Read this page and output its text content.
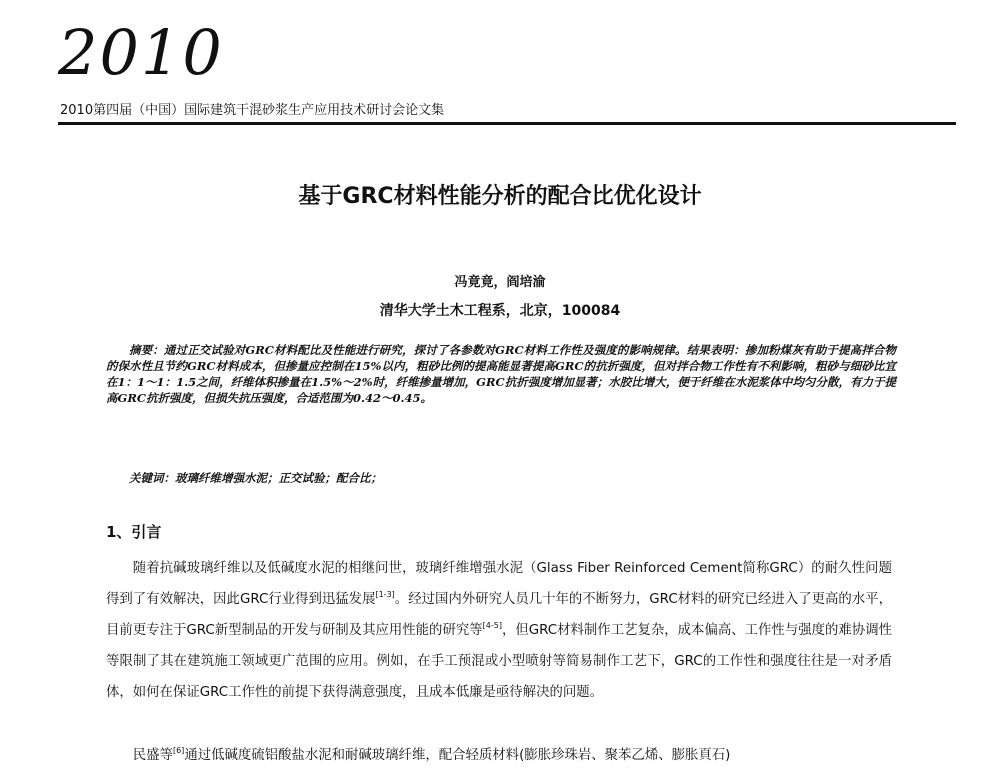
2010
2010第四届（中国）国际建筑干混砂浆生产应用技术研讨会论文集
基于GRC材料性能分析的配合比优化设计
冯竟竟，阎培渝
清华大学土木工程系，北京，100084
摘要：通过正交试验对GRC材料配比及性能进行研究，探讨了各参数对GRC材料工作性及强度的影响规律。结果表明：掺加粉煤灰有助于提高拌合物的保水性且节约GRC材料成本，但掺量应控制在15%以内，粗砂比例的提高能显著提高GRC的抗折强度，但对拌合物工作性有不利影响，粗砂与细砂比宜在1：1～1：1.5之间，纤维体积掺量在1.5%～2%时，纤维掺量增加，GRC抗折强度增加显著；水胶比增大，便于纤维在水泥浆体中均匀分散，有力于提高GRC抗折强度，但损失抗压强度，合适范围为0.42～0.45。
关键词：玻璃纤维增强水泥；正交试验；配合比；
1、引言
随着抗碱玻璃纤维以及低碱度水泥的相继问世，玻璃纤维增强水泥（Glass Fiber Reinforced Cement简称GRC）的耐久性问题得到了有效解决，因此GRC行业得到迅猛发展[1-3]。经过国内外研究人员几十年的不断努力，GRC材料的研究已经进入了更高的水平，目前更专注于GRC新型制品的开发与研制及其应用性能的研究等[4-5]，但GRC材料制作工艺复杂，成本偏高、工作性与强度的难协调性等限制了其在建筑施工领域更广范围的应用。例如，在手工预混或小型喷射等简易制作工艺下，GRC的工作性和强度往往是一对矛盾体，如何在保证GRC工作性的前提下获得满意强度，且成本低廉是亟待解决的问题。
民盛等[6]通过低碱度硫铝酸盐水泥和耐碱玻璃纤维，配合轻质材料(膨胀珍珠岩、聚苯乙烯、膨胀頁石)
